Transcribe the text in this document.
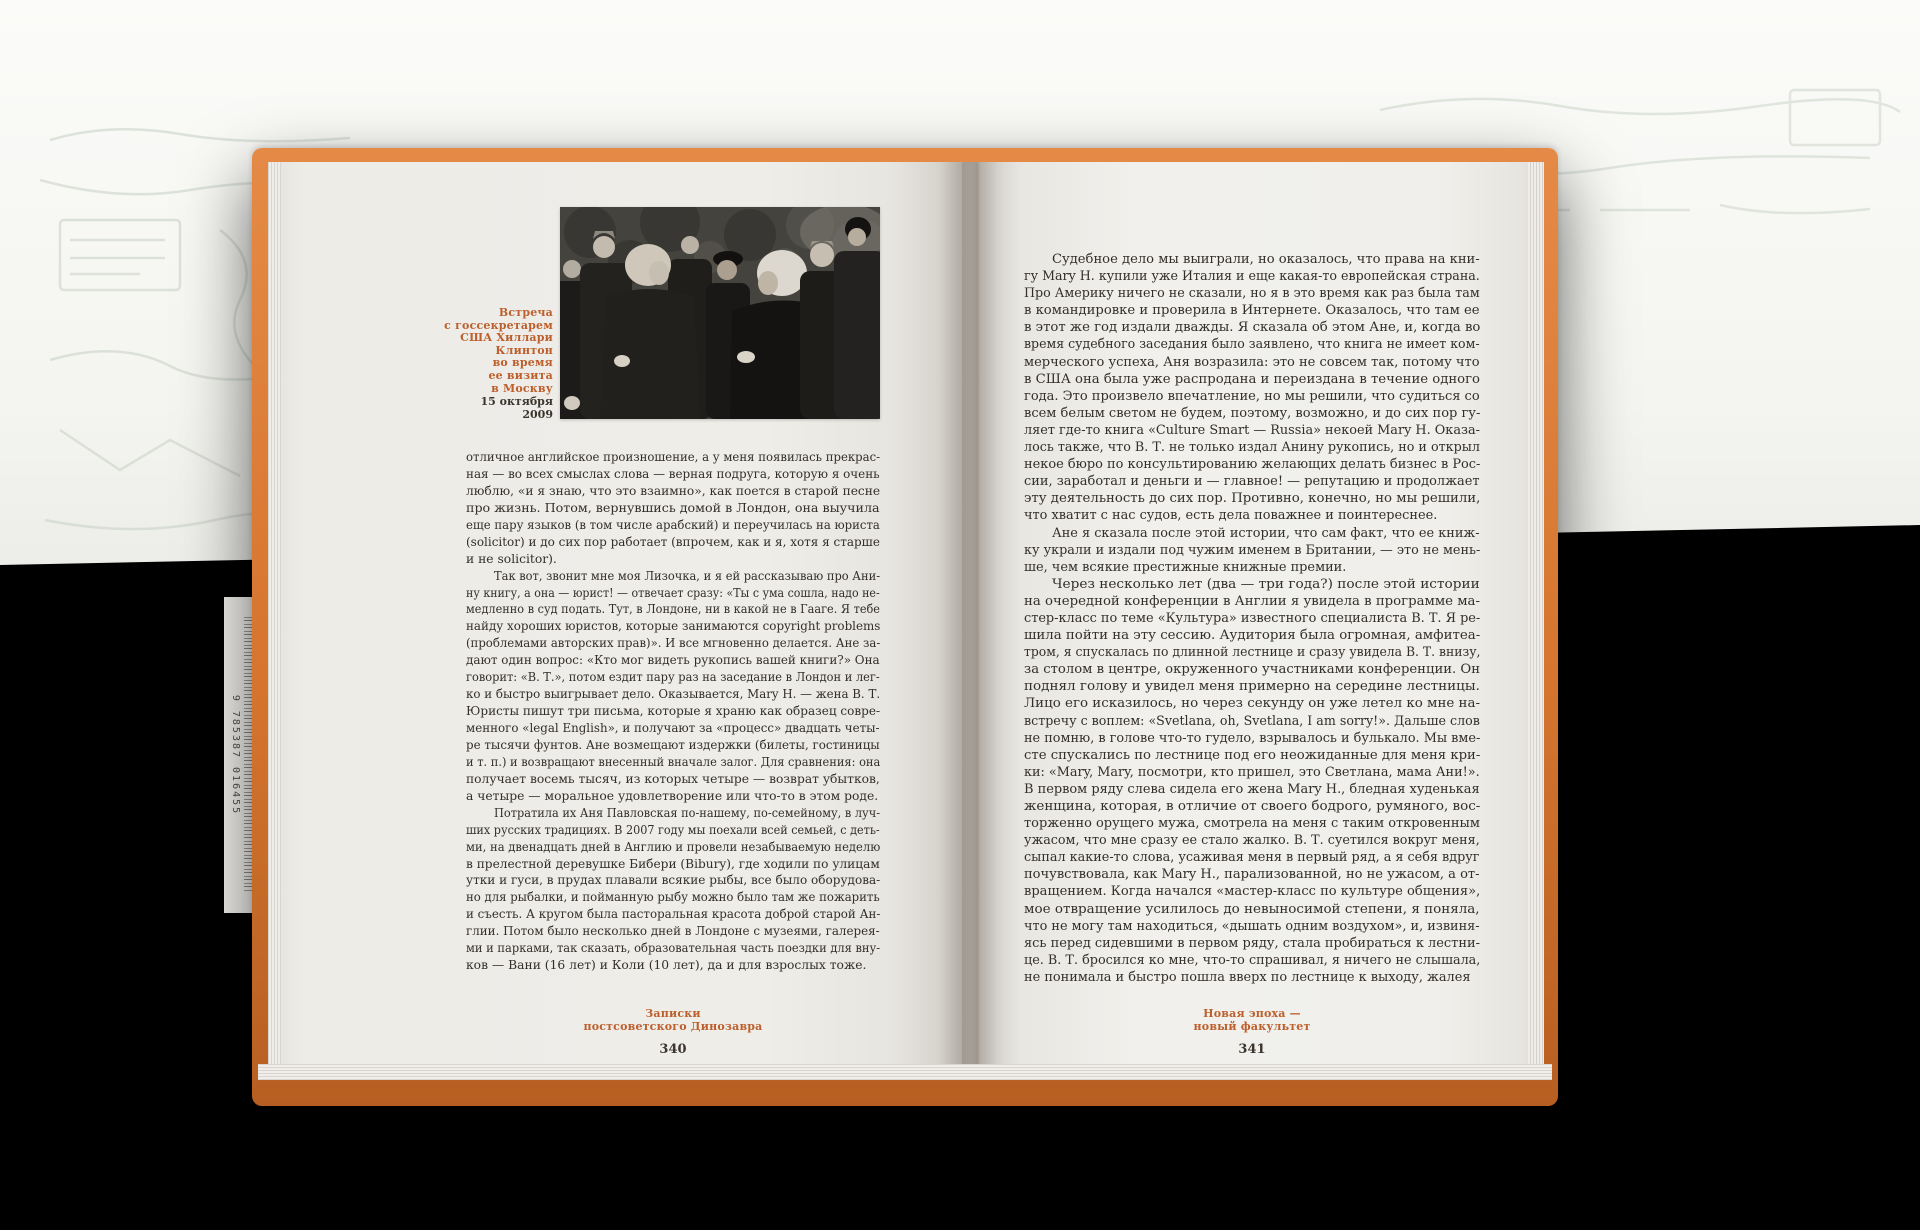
9 785387 016455
Встреча
с госсекретарем
США Хиллари
Клинтон
во время
ее визита
в Москву
15 октября
2009
отличное английское произношение, а у меня появилась прекрас-
ная — во всех смыслах слова — верная подруга, которую я очень
люблю, «и я знаю, что это взаимно», как поется в старой песне
про жизнь. Потом, вернувшись домой в Лондон, она выучила
еще пару языков (в том числе арабский) и переучилась на юриста
(solicitor) и до сих пор работает (впрочем, как и я, хотя я старше
и не solicitor).
Так вот, звонит мне моя Лизочка, и я ей рассказываю про Ани-
ну книгу, а она — юрист! — отвечает сразу: «Ты с ума сошла, надо не-
медленно в суд подать. Тут, в Лондоне, ни в какой не в Гааге. Я тебе
найду хороших юристов, которые занимаются copyright problems
(проблемами авторских прав)». И все мгновенно делается. Ане за-
дают один вопрос: «Кто мог видеть рукопись вашей книги?» Она
говорит: «В. Т.», потом ездит пару раз на заседание в Лондон и лег-
ко и быстро выигрывает дело. Оказывается, Mary Н. — жена В. Т.
Юристы пишут три письма, которые я храню как образец совре-
менного «legal English», и получают за «процесс» двадцать четы-
ре тысячи фунтов. Ане возмещают издержки (билеты, гостиницы
и т. п.) и возвращают внесенный вначале залог. Для сравнения: она
получает восемь тысяч, из которых четыре — возврат убытков,
а четыре — моральное удовлетворение или что-то в этом роде.
Потратила их Аня Павловская по-нашему, по-семейному, в луч-
ших русских традициях. В 2007 году мы поехали всей семьей, с деть-
ми, на двенадцать дней в Англию и провели незабываемую неделю
в прелестной деревушке Бибери (Bibury), где ходили по улицам
утки и гуси, в прудах плавали всякие рыбы, все было оборудова-
но для рыбалки, и пойманную рыбу можно было там же пожарить
и съесть. А кругом была пасторальная красота доброй старой Ан-
глии. Потом было несколько дней в Лондоне с музеями, галерея-
ми и парками, так сказать, образовательная часть поездки для вну-
ков — Вани (16 лет) и Коли (10 лет), да и для взрослых тоже.
Судебное дело мы выиграли, но оказалось, что права на кни-
гу Mary Н. купили уже Италия и еще какая-то европейская страна.
Про Америку ничего не сказали, но я в это время как раз была там
в командировке и проверила в Интернете. Оказалось, что там ее
в этот же год издали дважды. Я сказала об этом Ане, и, когда во
время судебного заседания было заявлено, что книга не имеет ком-
мерческого успеха, Аня возразила: это не совсем так, потому что
в США она была уже распродана и переиздана в течение одного
года. Это произвело впечатление, но мы решили, что судиться со
всем белым светом не будем, поэтому, возможно, и до сих пор гу-
ляет где-то книга «Culture Smart — Russia» некоей Mary Н. Оказа-
лось также, что В. Т. не только издал Анину рукопись, но и открыл
некое бюро по консультированию желающих делать бизнес в Рос-
сии, заработал и деньги и — главное! — репутацию и продолжает
эту деятельность до сих пор. Противно, конечно, но мы решили,
что хватит с нас судов, есть дела поважнее и поинтереснее.
Ане я сказала после этой истории, что сам факт, что ее книж-
ку украли и издали под чужим именем в Британии, — это не мень-
ше, чем всякие престижные книжные премии.
Через несколько лет (два — три года?) после этой истории
на очередной конференции в Англии я увидела в программе ма-
стер-класс по теме «Культура» известного специалиста В. Т. Я ре-
шила пойти на эту сессию. Аудитория была огромная, амфитеа-
тром, я спускалась по длинной лестнице и сразу увидела В. Т. внизу,
за столом в центре, окруженного участниками конференции. Он
поднял голову и увидел меня примерно на середине лестницы.
Лицо его исказилось, но через секунду он уже летел ко мне на-
встречу с воплем: «Svetlana, oh, Svetlana, I am sorry!». Дальше слов
не помню, в голове что-то гудело, взрывалось и булькало. Мы вме-
сте спускались по лестнице под его неожиданные для меня кри-
ки: «Mary, Mary, посмотри, кто пришел, это Светлана, мама Ани!».
В первом ряду слева сидела его жена Mary Н., бледная худенькая
женщина, которая, в отличие от своего бодрого, румяного, вос-
торженно орущего мужа, смотрела на меня с таким откровенным
ужасом, что мне сразу ее стало жалко. В. Т. суетился вокруг меня,
сыпал какие-то слова, усаживая меня в первый ряд, а я себя вдруг
почувствовала, как Mary Н., парализованной, но не ужасом, а от-
вращением. Когда начался «мастер-класс по культуре общения»,
мое отвращение усилилось до невыносимой степени, я поняла,
что не могу там находиться, «дышать одним воздухом», и, извиня-
ясь перед сидевшими в первом ряду, стала пробираться к лестни-
це. В. Т. бросился ко мне, что-то спрашивал, я ничего не слышала,
не понимала и быстро пошла вверх по лестнице к выходу, жалея
Записки
постсоветского Динозавра
340
Новая эпоха —
новый факультет
341
